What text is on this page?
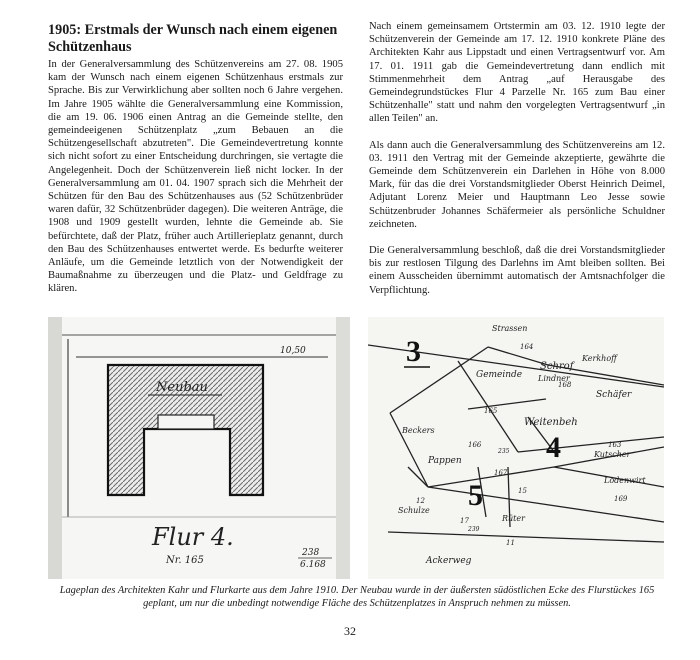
1905: Erstmals der Wunsch nach einem eigenen Schützenhaus

In der Generalversammlung des Schützenvereins am 27. 08. 1905 kam der Wunsch nach einem eigenen Schützenhaus erstmals zur Sprache. Bis zur Verwirklichung aber sollten noch 6 Jahre vergehen. Im Jahre 1905 wählte die Generalversammlung eine Kommission, die am 19. 06. 1906 einen Antrag an die Gemeinde stellte, den gemeindeeigenen Schützenplatz „zum Bebauen an die Schützengesellschaft abzutreten". Die Gemeindevertretung konnte sich nicht sofort zu einer Entscheidung durchringen, sie vertagte die Angelegenheit. Doch der Schützenverein ließ nicht locker. In der Generalversammlung am 01. 04. 1907 sprach sich die Mehrheit der Schützen für den Bau des Schützenhauses aus (52 Schützenbrüder waren dafür, 32 Schützenbrüder dagegen). Die weiteren Anträge, die 1908 und 1909 gestellt wurden, lehnte die Gemeinde ab. Sie befürchtete, daß der Platz, früher auch Artillerieplatz genannt, durch den Bau des Schützenhauses entwertet werde. Es bedurfte weiterer Anläufe, um die Gemeinde letztlich von der Notwendigkeit der Baumaßnahme zu überzeugen und die Platz- und Geldfrage zu klären.

Nach einem gemeinsamem Ortstermin am 03. 12. 1910 legte der Schützenverein der Gemeinde am 17. 12. 1910 konkrete Pläne des Architekten Kahr aus Lippstadt und einen Vertragsentwurf vor. Am 17. 01. 1911 gab die Gemeindevertretung dann endlich mit Stimmenmehrheit dem Antrag „auf Herausgabe des Gemeindegrundstückes Flur 4 Parzelle Nr. 165 zum Bau einer Schützenhalle" statt und nahm den vorgelegten Vertragsentwurf „in allen Teilen" an.

Als dann auch die Generalversammlung des Schützenvereins am 12. 03. 1911 den Vertrag mit der Gemeinde akzeptierte, gewährte die Gemeinde dem Schützenverein ein Darlehen in Höhe von 8.000 Mark, für das die drei Vorstandsmitglieder Oberst Heinrich Deimel, Adjutant Lorenz Meier und Hauptmann Leo Jesse sowie Schützenbruder Johannes Schäfermeier als persönliche Schuldner zeichneten.

Die Generalversammlung beschloß, daß die drei Vorstandsmitglieder bis zur restlosen Tilgung des Darlehns im Amt bleiben sollten. Bei einem Ausscheiden übernimmt automatisch der Amtsnachfolger die Verpflichtung.

10,50
Neubau
Flur 4.
Nr. 165
238
6.168
3
4
5
Schrof
Gemeinde
Weitenbeh
Strassen
Beckers
Pappen
Rüter
Schulze
Schäfer
Ackerweg
Lindner
Kutscher
Lodenwirt
Kerkhoff
164
168
165
163
166
167
169
17
12
15
11
235
239
Lageplan des Architekten Kahr und Flurkarte aus dem Jahre 1910. Der Neubau wurde in der äußersten südöstlichen Ecke des Flurstückes 165 geplant, um nur die unbedingt notwendige Fläche des Schützenplatzes in Anspruch nehmen zu müssen.
32
